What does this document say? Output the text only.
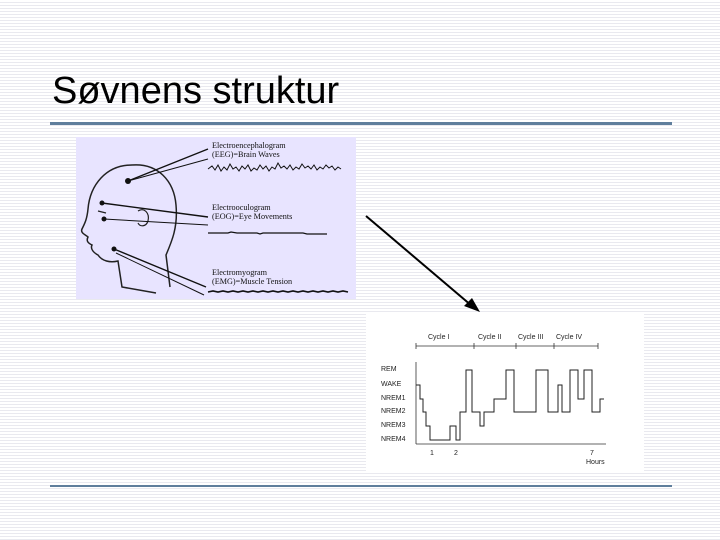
Søvnens struktur
Electroencephalogram
(EEG)=Brain Waves
Electrooculogram
(EOG)=Eye Movements
Electromyogram
(EMG)=Muscle Tension
Cycle I	Cycle II Cycle III Cycle IV
REM
WAKE
NREM1
NREM2
NREM3
NREM4
1	2	7
Hours
